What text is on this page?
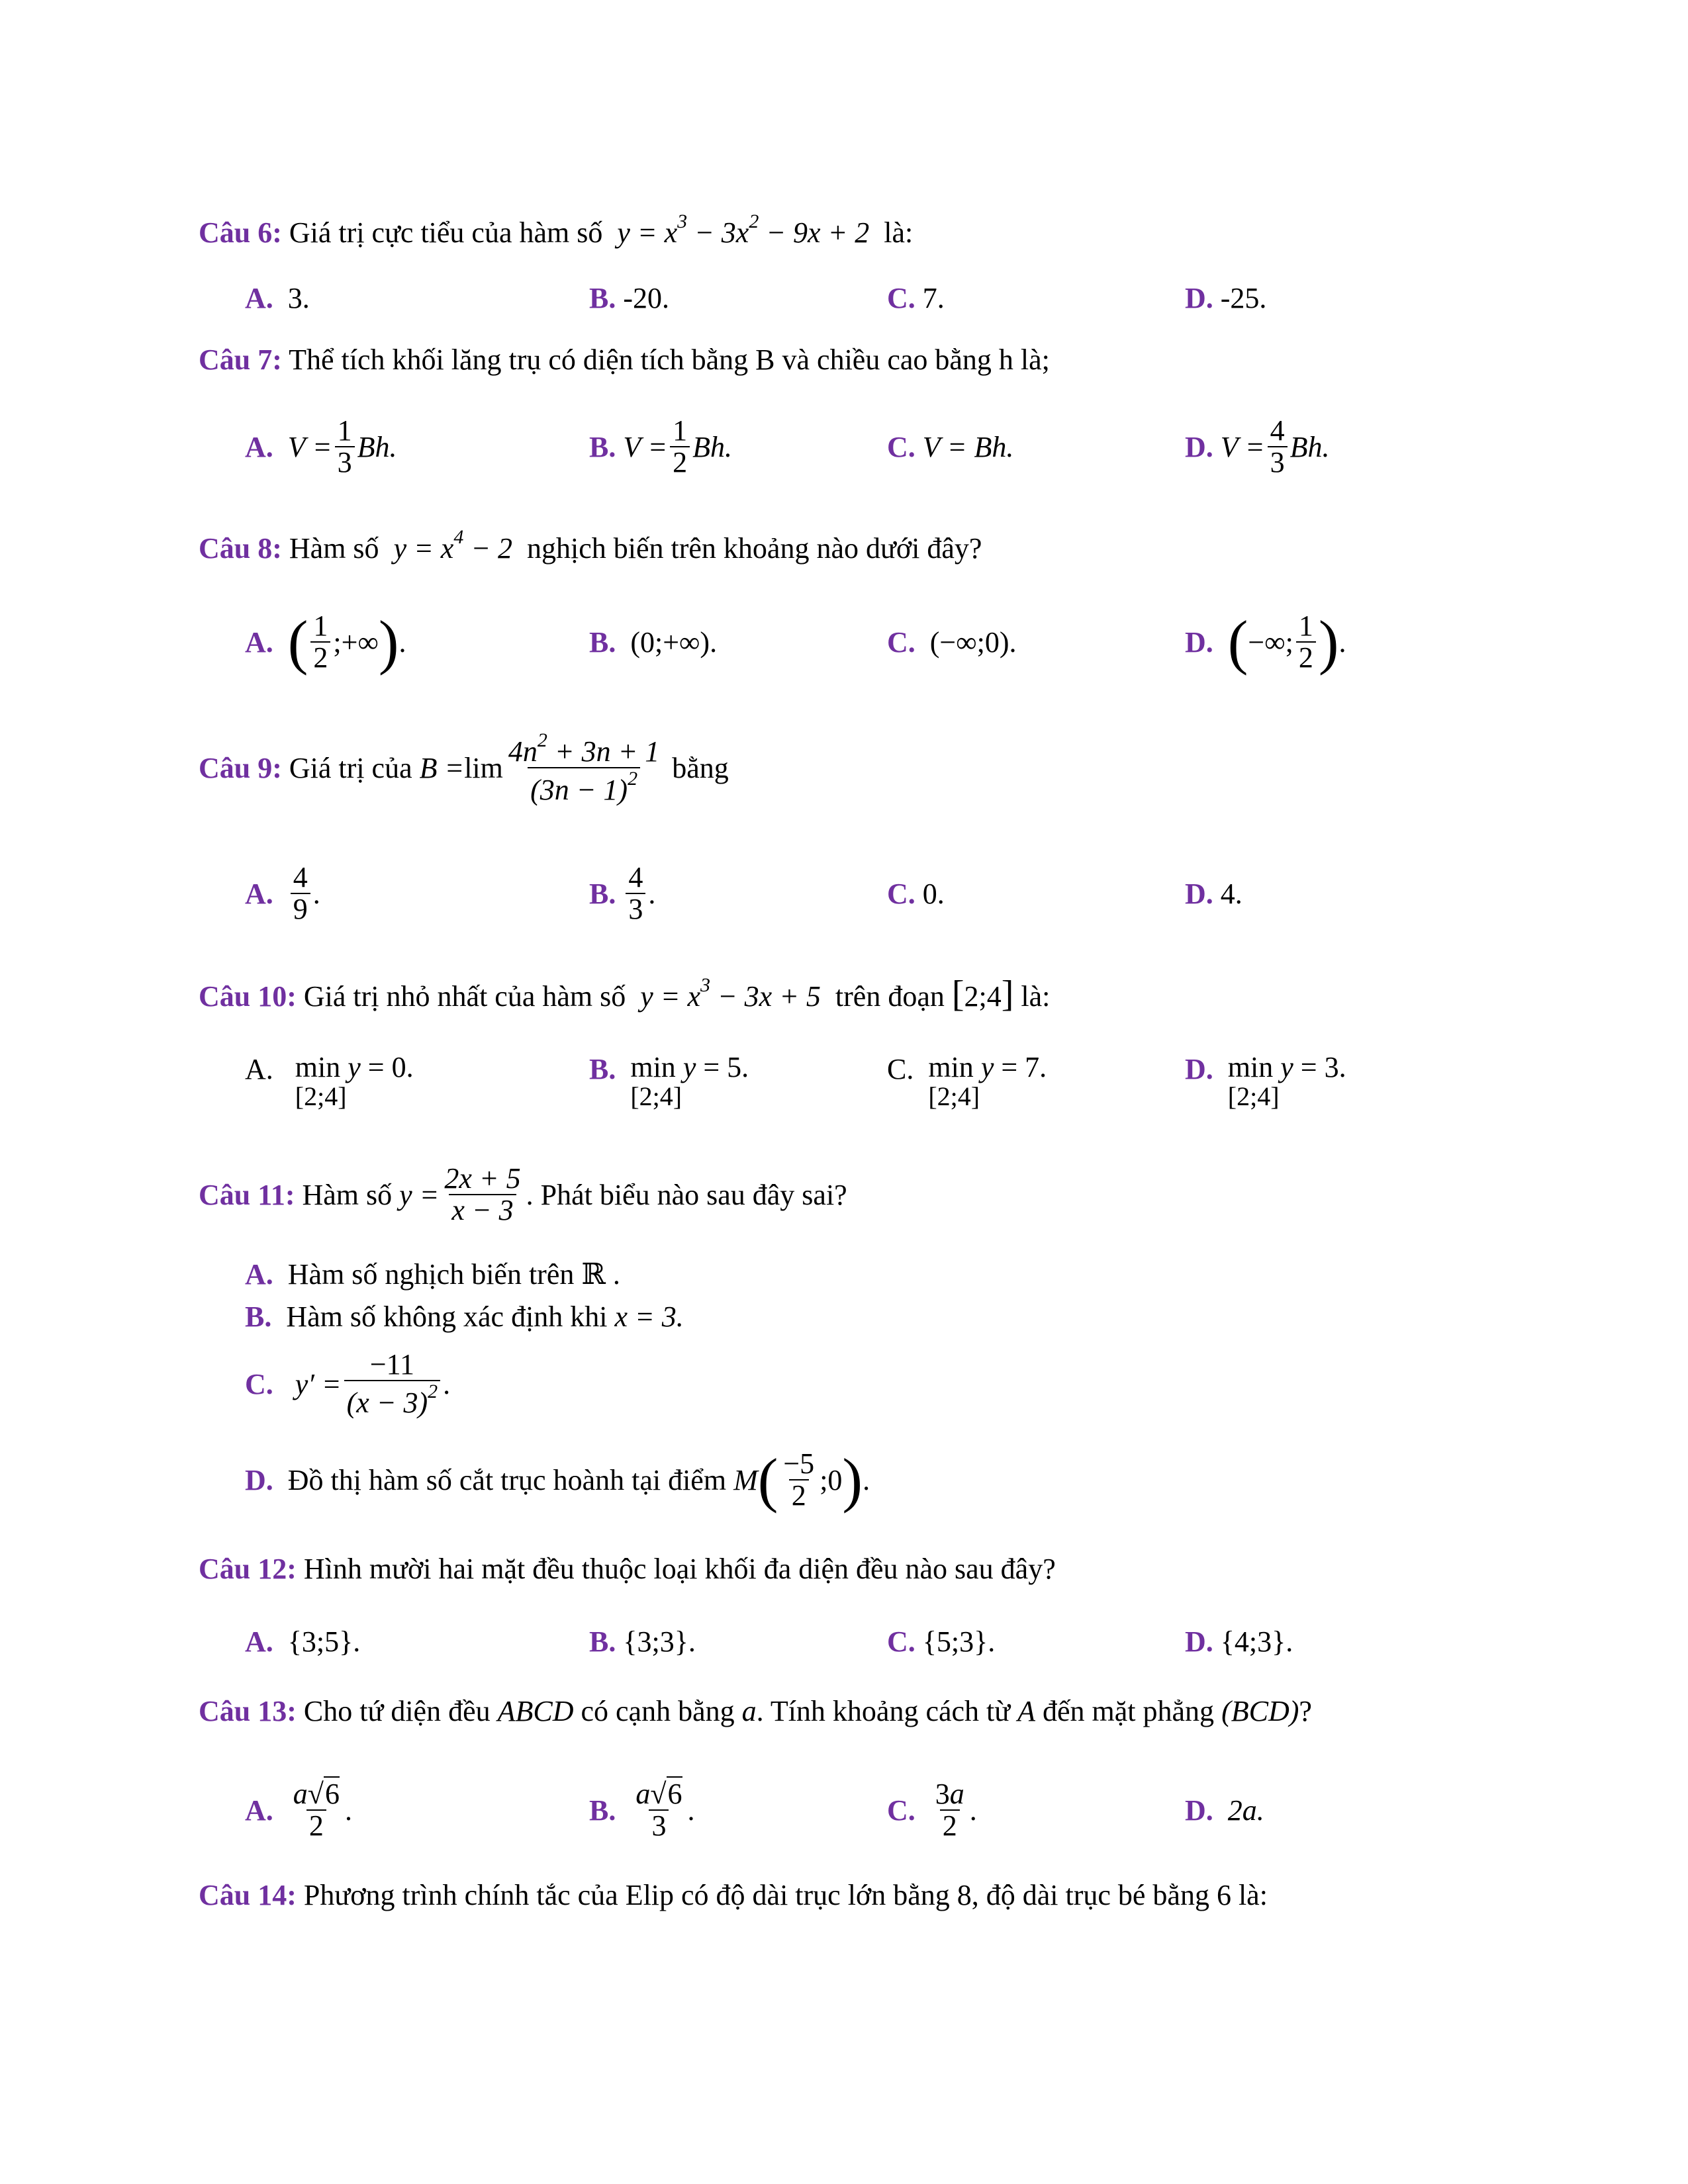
Câu 6: Giá trị cực tiểu của hàm số  $y = x^3 - 3x^2 - 9x + 2$  là:
A.
3.	B.
-20.	C.
7.	D.
-25.
Câu 7: Thể tích khối lăng trụ có diện tích bằng B và chiều cao bằng h là;
A.
$V = \frac{1}{3} Bh$.	B.
$V = \frac{1}{2} Bh$.	C.
V = Bh.	D.
$V = \frac{4}{3} Bh$.
Câu 8: Hàm số  $y = x^4 - 2$  nghịch biến trên khoảng nào dưới đây?
A.
( $\frac{1}{2}$ ;+∞ ) .	B.
(0;+∞).	C.
(−∞;0).	D.
( −∞; $\frac{1}{2}$ ) .
Câu 9:
Giá trị của $B = \lim \frac{4n^2 + 3n + 1}{(3n - 1)^2}$
bằng
A.
$\frac{4}{9}$ .	B.
$\frac{4}{3}$ .	C.
0.	D.
4.
Câu 10: Giá trị nhỏ nhất của hàm số  $y = x^3 - 3x + 5$  trên đoạn [2;4] là:
A.
min y = 0.
[2;4]
B.
min y = 5.
[2;4]
C.
min y = 7.
[2;4]
D.
min y = 3.
[2;4]
Câu 11:
Hàm số $y = \frac{2x + 5}{x - 3}$ . Phát biểu nào sau đây sai?
A.
Hàm số nghịch biến trên ℝ .
B.
Hàm số không xác định khi x = 3.
C.
$y' = \frac{-11}{(x - 3)^2}$ .
D.
Đồ thị hàm số cắt trục hoành tại điểm M ( $\frac{-5}{2}$ ;0 ) .
Câu 12: Hình mười hai mặt đều thuộc loại khối đa diện đều nào sau đây?
A.
{3;5}.	B.
{3;3}.	C.
{5;3}.	D.
{4;3}.
Câu 13: Cho tứ diện đều ABCD có cạnh bằng a. Tính khoảng cách từ A đến mặt phẳng (BCD)?
A.
$\frac{a√6}{2}$ .	B.
$\frac{a√6}{3}$ .	C.
$\frac{3a}{2}$ .	D.
2a.
Câu 14: Phương trình chính tắc của Elip có độ dài trục lớn bằng 8, độ dài trục bé bằng 6 là:
